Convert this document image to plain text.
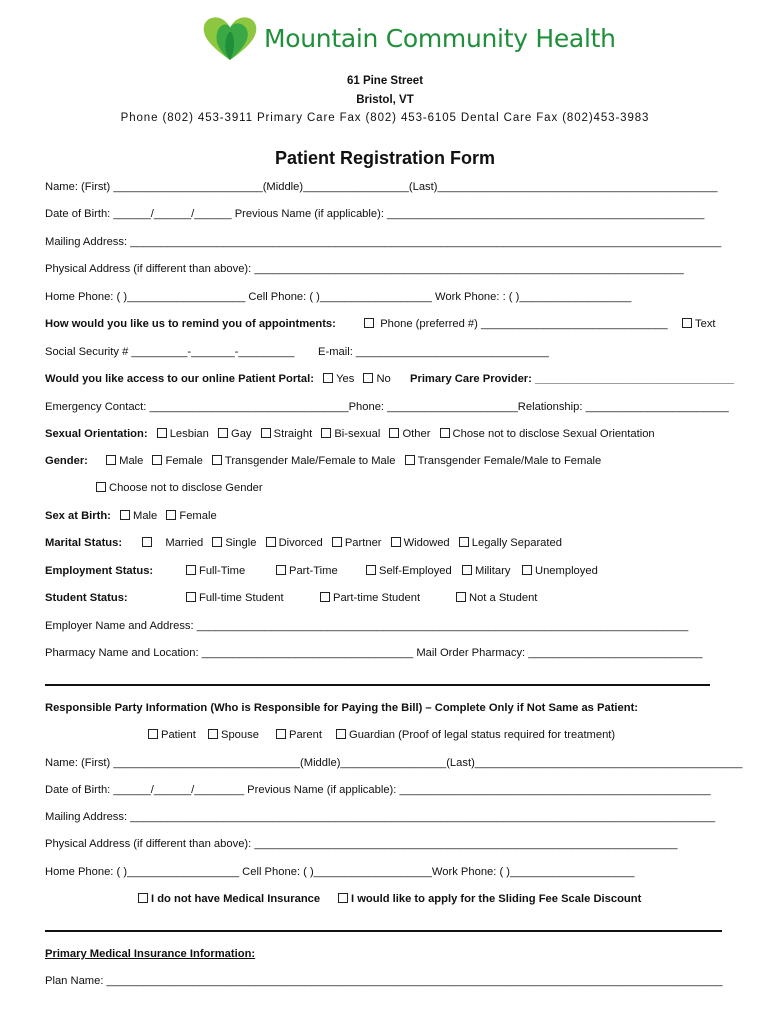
Mountain Community Health
61 Pine Street
Bristol, VT
Phone (802) 453-3911 Primary Care Fax (802) 453-6105 Dental Care Fax (802)453-3983
Patient Registration Form
Name: (First) ________________________(Middle)_________________(Last)_____________________________________________
Date of Birth: ______/______/______ Previous Name (if applicable): ___________________________________________________
Mailing Address: _______________________________________________________________________________________________
Physical Address (if different than above): _____________________________________________________________________
Home Phone: ( )___________________ Cell Phone: ( )__________________ Work Phone: : ( )__________________
How would you like us to remind you of appointments:	Phone (preferred #) ______________________________	Text
Social Security # _________-_______-_________ E-mail: _______________________________
Would you like access to our online Patient Portal: Yes No Primary Care Provider: ________________________________
Emergency Contact: ________________________________Phone: _____________________Relationship: _______________________
Sexual Orientation: Lesbian Gay Straight Bi-sexual Other Chose not to disclose Sexual Orientation
Gender:	Male Female Transgender Male/Female to Male Transgender Female/Male to Female
Choose not to disclose Gender
Sex at Birth: Male Female
Marital Status:	Married Single Divorced Partner Widowed Legally Separated
Employment Status:	Full-Time	Part-Time	Self-Employed	Military	Unemployed
Student Status:	Full-time Student	Part-time Student	Not a Student
Employer Name and Address: _______________________________________________________________________________
Pharmacy Name and Location: __________________________________ Mail Order Pharmacy: ____________________________
Responsible Party Information (Who is Responsible for Paying the Bill) – Complete Only if Not Same as Patient:
Patient	Spouse	Parent	Guardian (Proof of legal status required for treatment)
Name: (First) ______________________________(Middle)_________________(Last)___________________________________________
Date of Birth: ______/______/________ Previous Name (if applicable): __________________________________________________
Mailing Address: ______________________________________________________________________________________________
Physical Address (if different than above): ____________________________________________________________________
Home Phone: ( )__________________ Cell Phone: ( )___________________Work Phone: ( )____________________
I do not have Medical Insurance	I would like to apply for the Sliding Fee Scale Discount
Primary Medical Insurance Information:
Plan Name: ___________________________________________________________________________________________________
